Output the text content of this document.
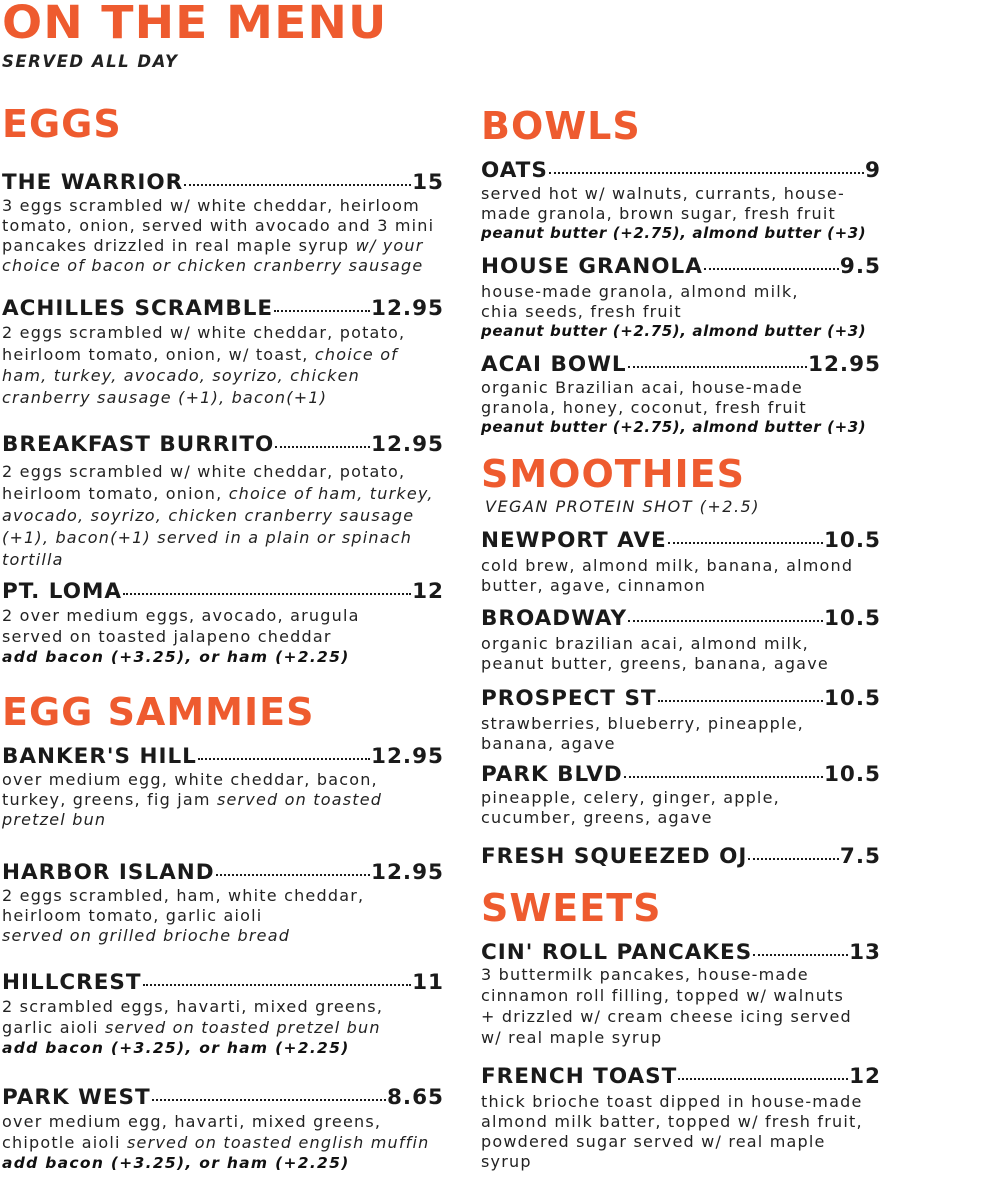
ON THE MENU

SERVED ALL DAY

EGGS
THE WARRIOR	15

3 eggs scrambled w/ white cheddar, heirloom tomato, onion, served with avocado and 3 mini pancakes drizzled in real maple syrup w/ your choice of bacon or chicken cranberry sausage

ACHILLES SCRAMBLE	12.95

2 eggs scrambled w/ white cheddar, potato, heirloom tomato, onion, w/ toast, choice of ham, turkey, avocado, soyrizo, chicken cranberry sausage (+1), bacon(+1)

BREAKFAST BURRITO	12.95

2 eggs scrambled w/ white cheddar, potato, heirloom tomato, onion, choice of ham, turkey, avocado, soyrizo, chicken cranberry sausage (+1), bacon(+1) served in a plain or spinach tortilla

PT. LOMA	12

2 over medium eggs, avocado, arugula served on toasted jalapeno cheddar

add bacon (+3.25), or ham (+2.25)

EGG SAMMIES
BANKER'S HILL	12.95

over medium egg, white cheddar, bacon, turkey, greens, fig jam served on toasted pretzel bun

HARBOR ISLAND	12.95

2 eggs scrambled, ham, white cheddar, heirloom tomato, garlic aioli
served on grilled brioche bread

HILLCREST	11

2 scrambled eggs, havarti, mixed greens, garlic aioli served on toasted pretzel bun

add bacon (+3.25), or ham (+2.25)

PARK WEST	8.65

over medium egg, havarti, mixed greens, chipotle aioli served on toasted english muffin

add bacon (+3.25), or ham (+2.25)

BOWLS
OATS	9

served hot w/ walnuts, currants, house-made granola, brown sugar, fresh fruit

peanut butter (+2.75), almond butter (+3)

HOUSE GRANOLA	9.5

house-made granola, almond milk, chia seeds, fresh fruit

peanut butter (+2.75), almond butter (+3)

ACAI BOWL	12.95

organic Brazilian acai, house-made granola, honey, coconut, fresh fruit

peanut butter (+2.75), almond butter (+3)

SMOOTHIES

VEGAN PROTEIN SHOT (+2.5)

NEWPORT AVE	10.5

cold brew, almond milk, banana, almond butter, agave, cinnamon

BROADWAY	10.5

organic brazilian acai, almond milk, peanut butter, greens, banana, agave

PROSPECT ST	10.5

strawberries, blueberry, pineapple, banana, agave

PARK BLVD	10.5

pineapple, celery, ginger, apple, cucumber, greens, agave

FRESH SQUEEZED OJ	7.5
SWEETS
CIN' ROLL PANCAKES	13

3 buttermilk pancakes, house-made cinnamon roll filling, topped w/ walnuts + drizzled w/ cream cheese icing served w/ real maple syrup

FRENCH TOAST	12

thick brioche toast dipped in house-made almond milk batter, topped w/ fresh fruit, powdered sugar served w/ real maple syrup
